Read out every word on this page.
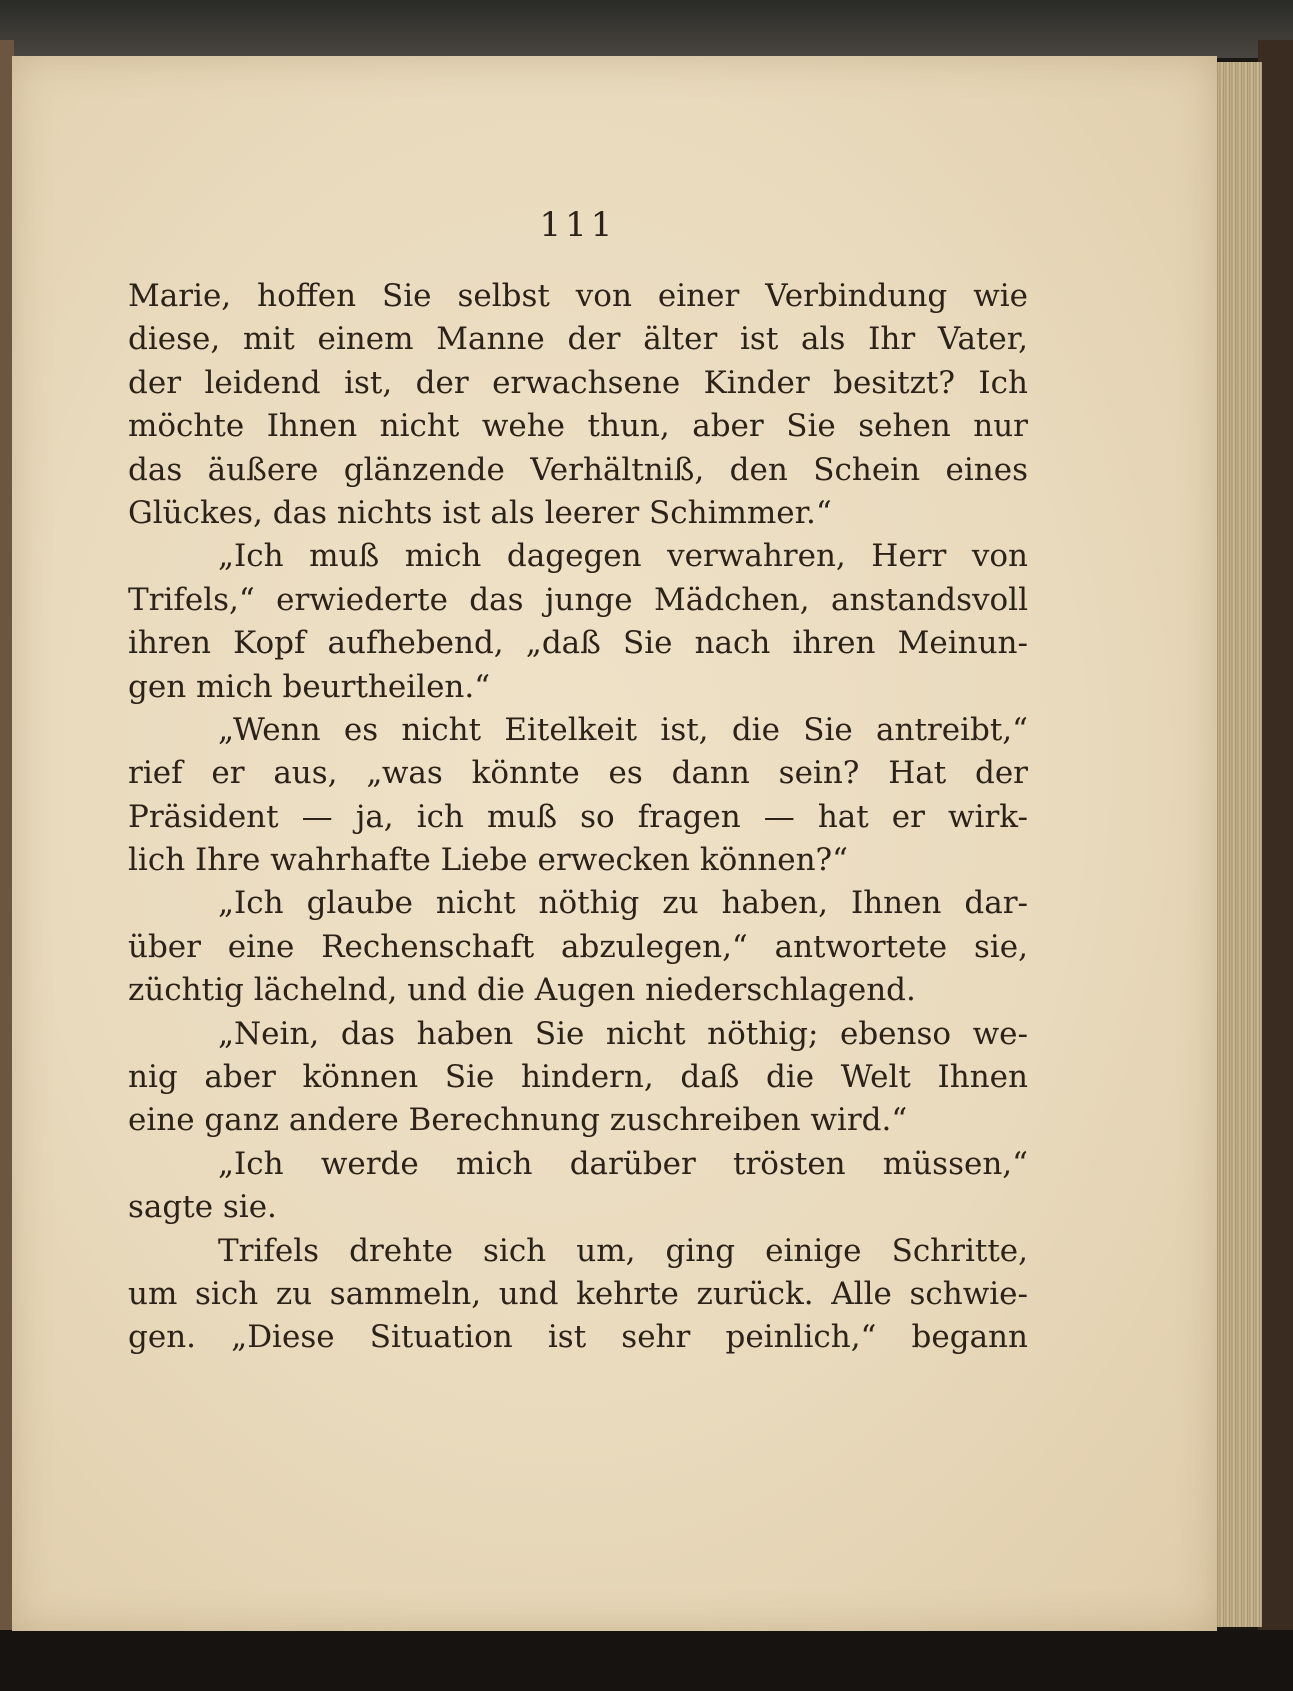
111
Marie, hoffen Sie selbst von einer Verbindung wie
diese, mit einem Manne der älter ist als Ihr Vater,
der leidend ist, der erwachsene Kinder besitzt? Ich
möchte Ihnen nicht wehe thun, aber Sie sehen nur
das äußere glänzende Verhältniß, den Schein eines
Glückes, das nichts ist als leerer Schimmer.“
„Ich muß mich dagegen verwahren, Herr von
Trifels,“ erwiederte das junge Mädchen, anstandsvoll
ihren Kopf aufhebend, „daß Sie nach ihren Meinun-
gen mich beurtheilen.“
„Wenn es nicht Eitelkeit ist, die Sie antreibt,“
rief er aus, „was könnte es dann sein? Hat der
Präsident — ja, ich muß so fragen — hat er wirk-
lich Ihre wahrhafte Liebe erwecken können?“
„Ich glaube nicht nöthig zu haben, Ihnen dar-
über eine Rechenschaft abzulegen,“ antwortete sie,
züchtig lächelnd, und die Augen niederschlagend.
„Nein, das haben Sie nicht nöthig; ebenso we-
nig aber können Sie hindern, daß die Welt Ihnen
eine ganz andere Berechnung zuschreiben wird.“
„Ich werde mich darüber trösten müssen,“
sagte sie.
Trifels drehte sich um, ging einige Schritte,
um sich zu sammeln, und kehrte zurück. Alle schwie-
gen. „Diese Situation ist sehr peinlich,“ begann
